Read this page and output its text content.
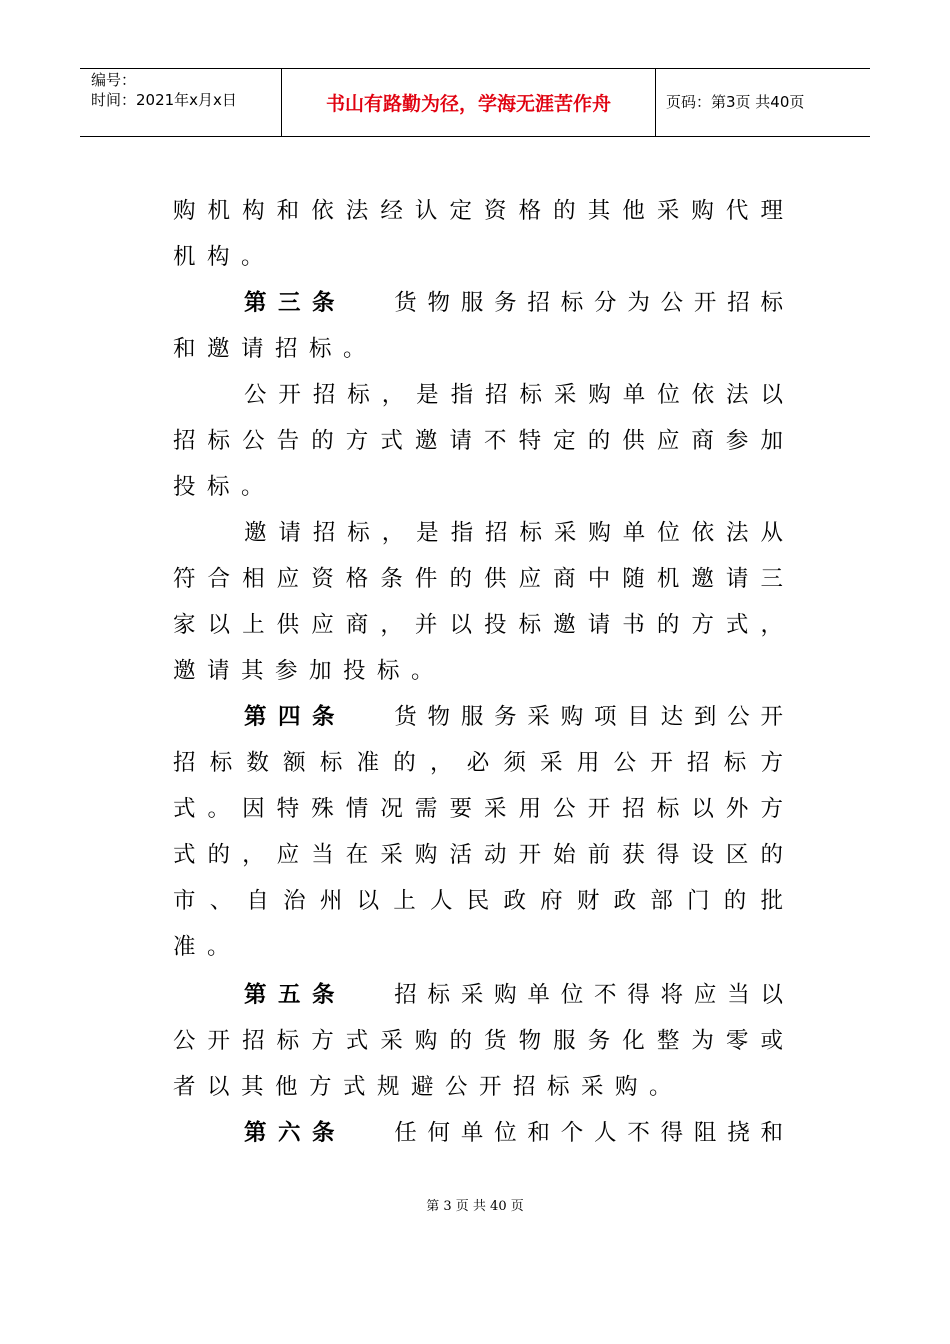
编号：
时间：2021年x月x日	书山有路勤为径，学海无涯苦作舟	页码：第3页 共40页
购 机 构 和 依 法 经 认 定 资 格 的 其 他 采 购 代 理
机构。
第 三 条	货 物 服 务 招 标 分 为 公 开 招 标
和邀请招标。
公 开 招 标 ， 是 指 招 标 采 购 单 位 依 法 以
招 标 公 告 的 方 式 邀 请 不 特 定 的 供 应 商 参 加
投标。
邀 请 招 标 ， 是 指 招 标 采 购 单 位 依 法 从
符 合 相 应 资 格 条 件 的 供 应 商 中 随 机 邀 请 三
家 以 上 供 应 商 ， 并 以 投 标 邀 请 书 的 方 式 ，
邀请其参加投标。
第 四 条	货 物 服 务 采 购 项 目 达 到 公 开
招 标 数 额 标 准 的 ， 必 须 采 用 公 开 招 标 方
式 。 因 特 殊 情 况 需 要 采 用 公 开 招 标 以 外 方
式 的 ， 应 当 在 采 购 活 动 开 始 前 获 得 设 区 的
市 、 自 治 州 以 上 人 民 政 府 财 政 部 门 的 批
准。
第 五 条	招 标 采 购 单 位 不 得 将 应 当 以
公 开 招 标 方 式 采 购 的 货 物 服 务 化 整 为 零 或
者以其他方式规避公开招标采购。
第 六 条	任 何 单 位 和 个 人 不 得 阻 挠 和
第 3 页 共 40 页
